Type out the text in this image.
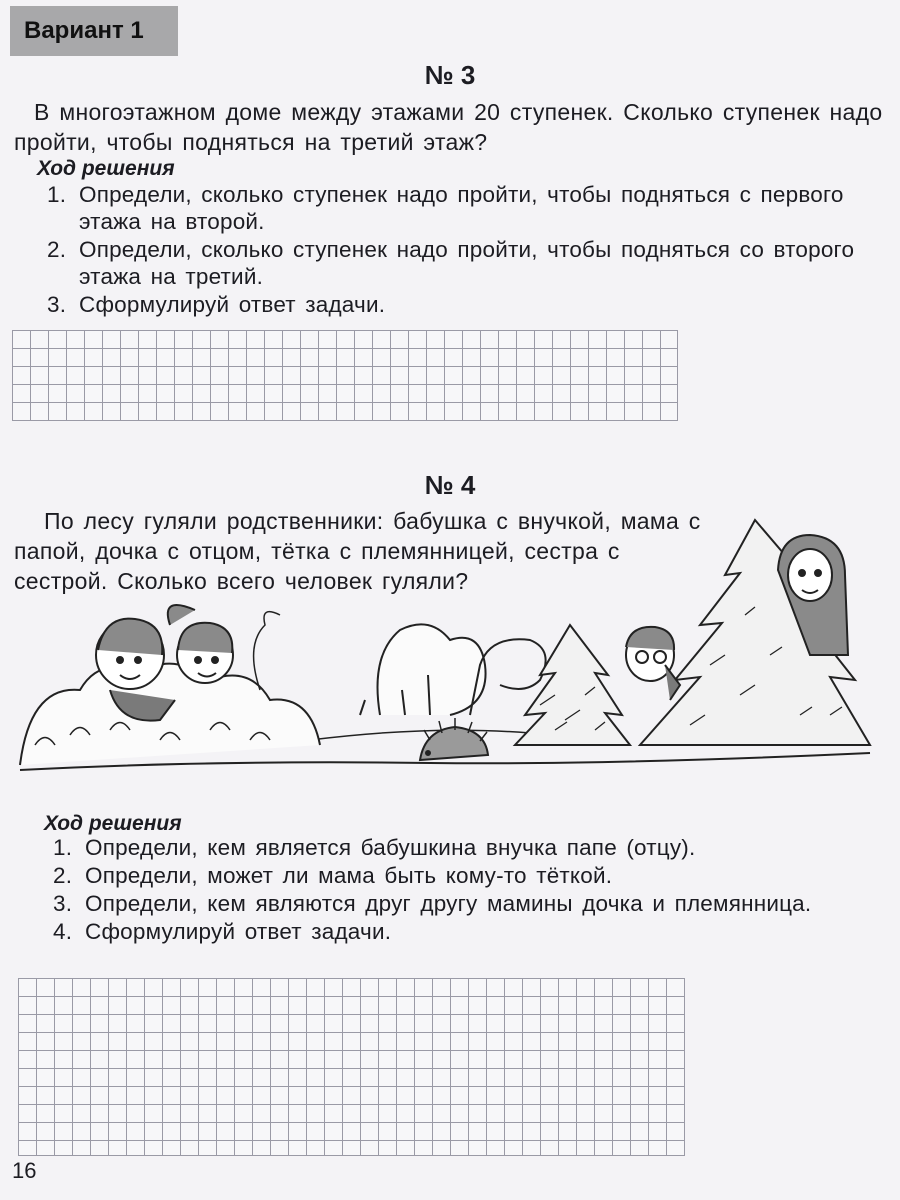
Вариант 1
№ 3

В многоэтажном доме между этажами 20 ступенек. Сколько ступенек надо пройти, чтобы подняться на третий этаж?

Ход решения
1. Определи, сколько ступенек надо пройти, чтобы подняться с первого этажа на второй.
2. Определи, сколько ступенек надо пройти, чтобы подняться со второго этажа на третий.
3. Сформулируй ответ задачи.
№ 4

По лесу гуляли родственники: бабушка с внучкой, мама с папой, дочка с отцом, тётка с племянницей, сестра с сестрой. Сколько всего человек гуляли?

Ход решения
1. Определи, кем является бабушкина внучка папе (отцу).
2. Определи, может ли мама быть кому-то тёткой.
3. Определи, кем являются друг другу мамины дочка и племянница.
4. Сформулируй ответ задачи.
16
